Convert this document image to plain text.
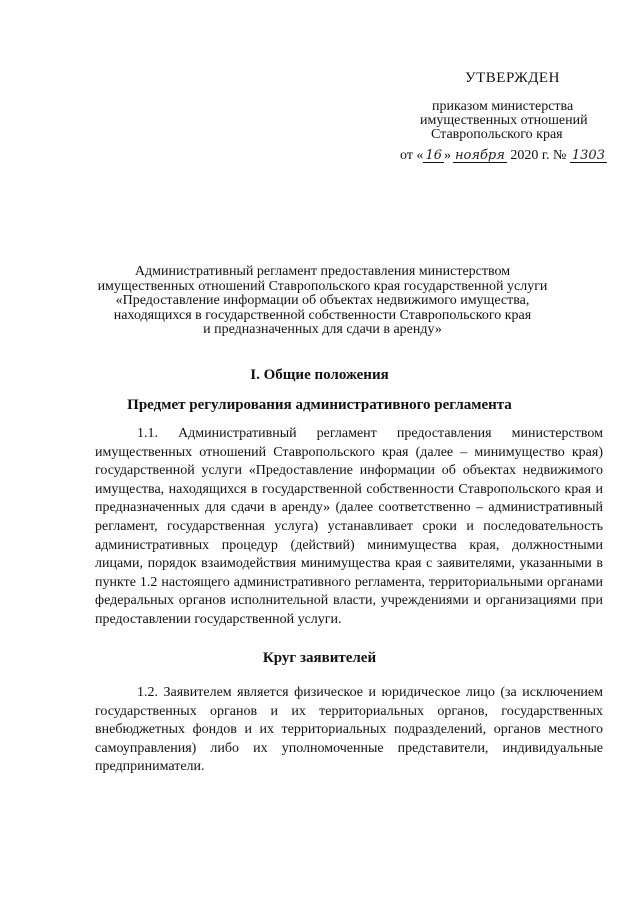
УТВЕРЖДЕН
приказом министерства
имущественных отношений
Ставропольского края
от « 16 » ноября 2020 г. № 1303
Административный регламент предоставления министерством
имущественных отношений Ставропольского края государственной услуги
«Предоставление информации об объектах недвижимого имущества,
находящихся в государственной собственности Ставропольского края
и предназначенных для сдачи в аренду»
I. Общие положения
Предмет регулирования административного регламента

1.1. Административный регламент предоставления министерством имущественных отношений Ставропольского края (далее – минимущество края) государственной услуги «Предоставление информации об объектах недвижимого имущества, находящихся в государственной собственности Ставропольского края и предназначенных для сдачи в аренду» (далее соответственно – административный регламент, государственная услуга) устанавливает сроки и последовательность административных процедур (действий) минимущества края, должностными лицами, порядок взаимодействия минимущества края с заявителями, указанными в пункте 1.2 настоящего административного регламента, территориальными органами федеральных органов исполнительной власти, учреждениями и организациями при предоставлении государственной услуги.

Круг заявителей

1.2. Заявителем является физическое и юридическое лицо (за исключением государственных органов и их территориальных органов, государственных внебюджетных фондов и их территориальных подразделений, органов местного самоуправления) либо их уполномоченные представители, индивидуальные предприниматели.
